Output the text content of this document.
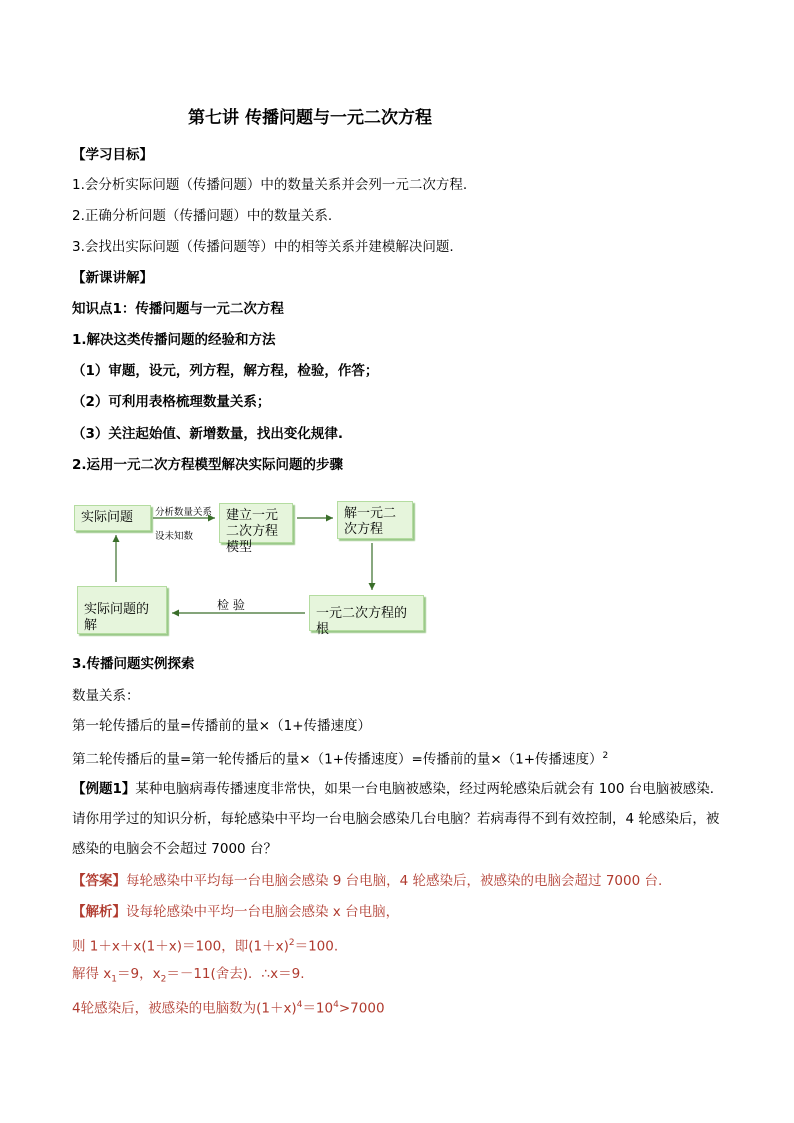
第七讲 传播问题与一元二次方程
【学习目标】
1.会分析实际问题（传播问题）中的数量关系并会列一元二次方程.
2.正确分析问题（传播问题）中的数量关系.
3.会找出实际问题（传播问题等）中的相等关系并建模解决问题.
【新课讲解】
知识点1：传播问题与一元二次方程
1.解决这类传播问题的经验和方法
（1）审题，设元，列方程，解方程，检验，作答；
（2）可利用表格梳理数量关系；
（3）关注起始值、新增数量，找出变化规律.
2.运用一元二次方程模型解决实际问题的步骤
实际问题	建立一元二次方程模型
解一元二次方程
一元二次方程的根
实际问题的解
分析数量关系
设未知数
检 验
3.传播问题实例探索
数量关系：
第一轮传播后的量=传播前的量×（1+传播速度）
第二轮传播后的量=第一轮传播后的量×（1+传播速度）=传播前的量×（1+传播速度）$^2$
【例题1】某种电脑病毒传播速度非常快，如果一台电脑被感染，经过两轮感染后就会有 100 台电脑被感染．请你用学过的知识分析，每轮感染中平均一台电脑会感染几台电脑？若病毒得不到有效控制，4 轮感染后，被感染的电脑会不会超过 7000 台？
【答案】每轮感染中平均每一台电脑会感染 9 台电脑，4 轮感染后，被感染的电脑会超过 7000 台.
【解析】设每轮感染中平均一台电脑会感染 x 台电脑，
则 1＋x＋x(1＋x)＝100，即$(1+x)^2=100$.
解得 $x_1=9$，$x_2=-11$(舍去)．∴x＝9.
4轮感染后，被感染的电脑数为$(1+x)^4=10^4>7000$
